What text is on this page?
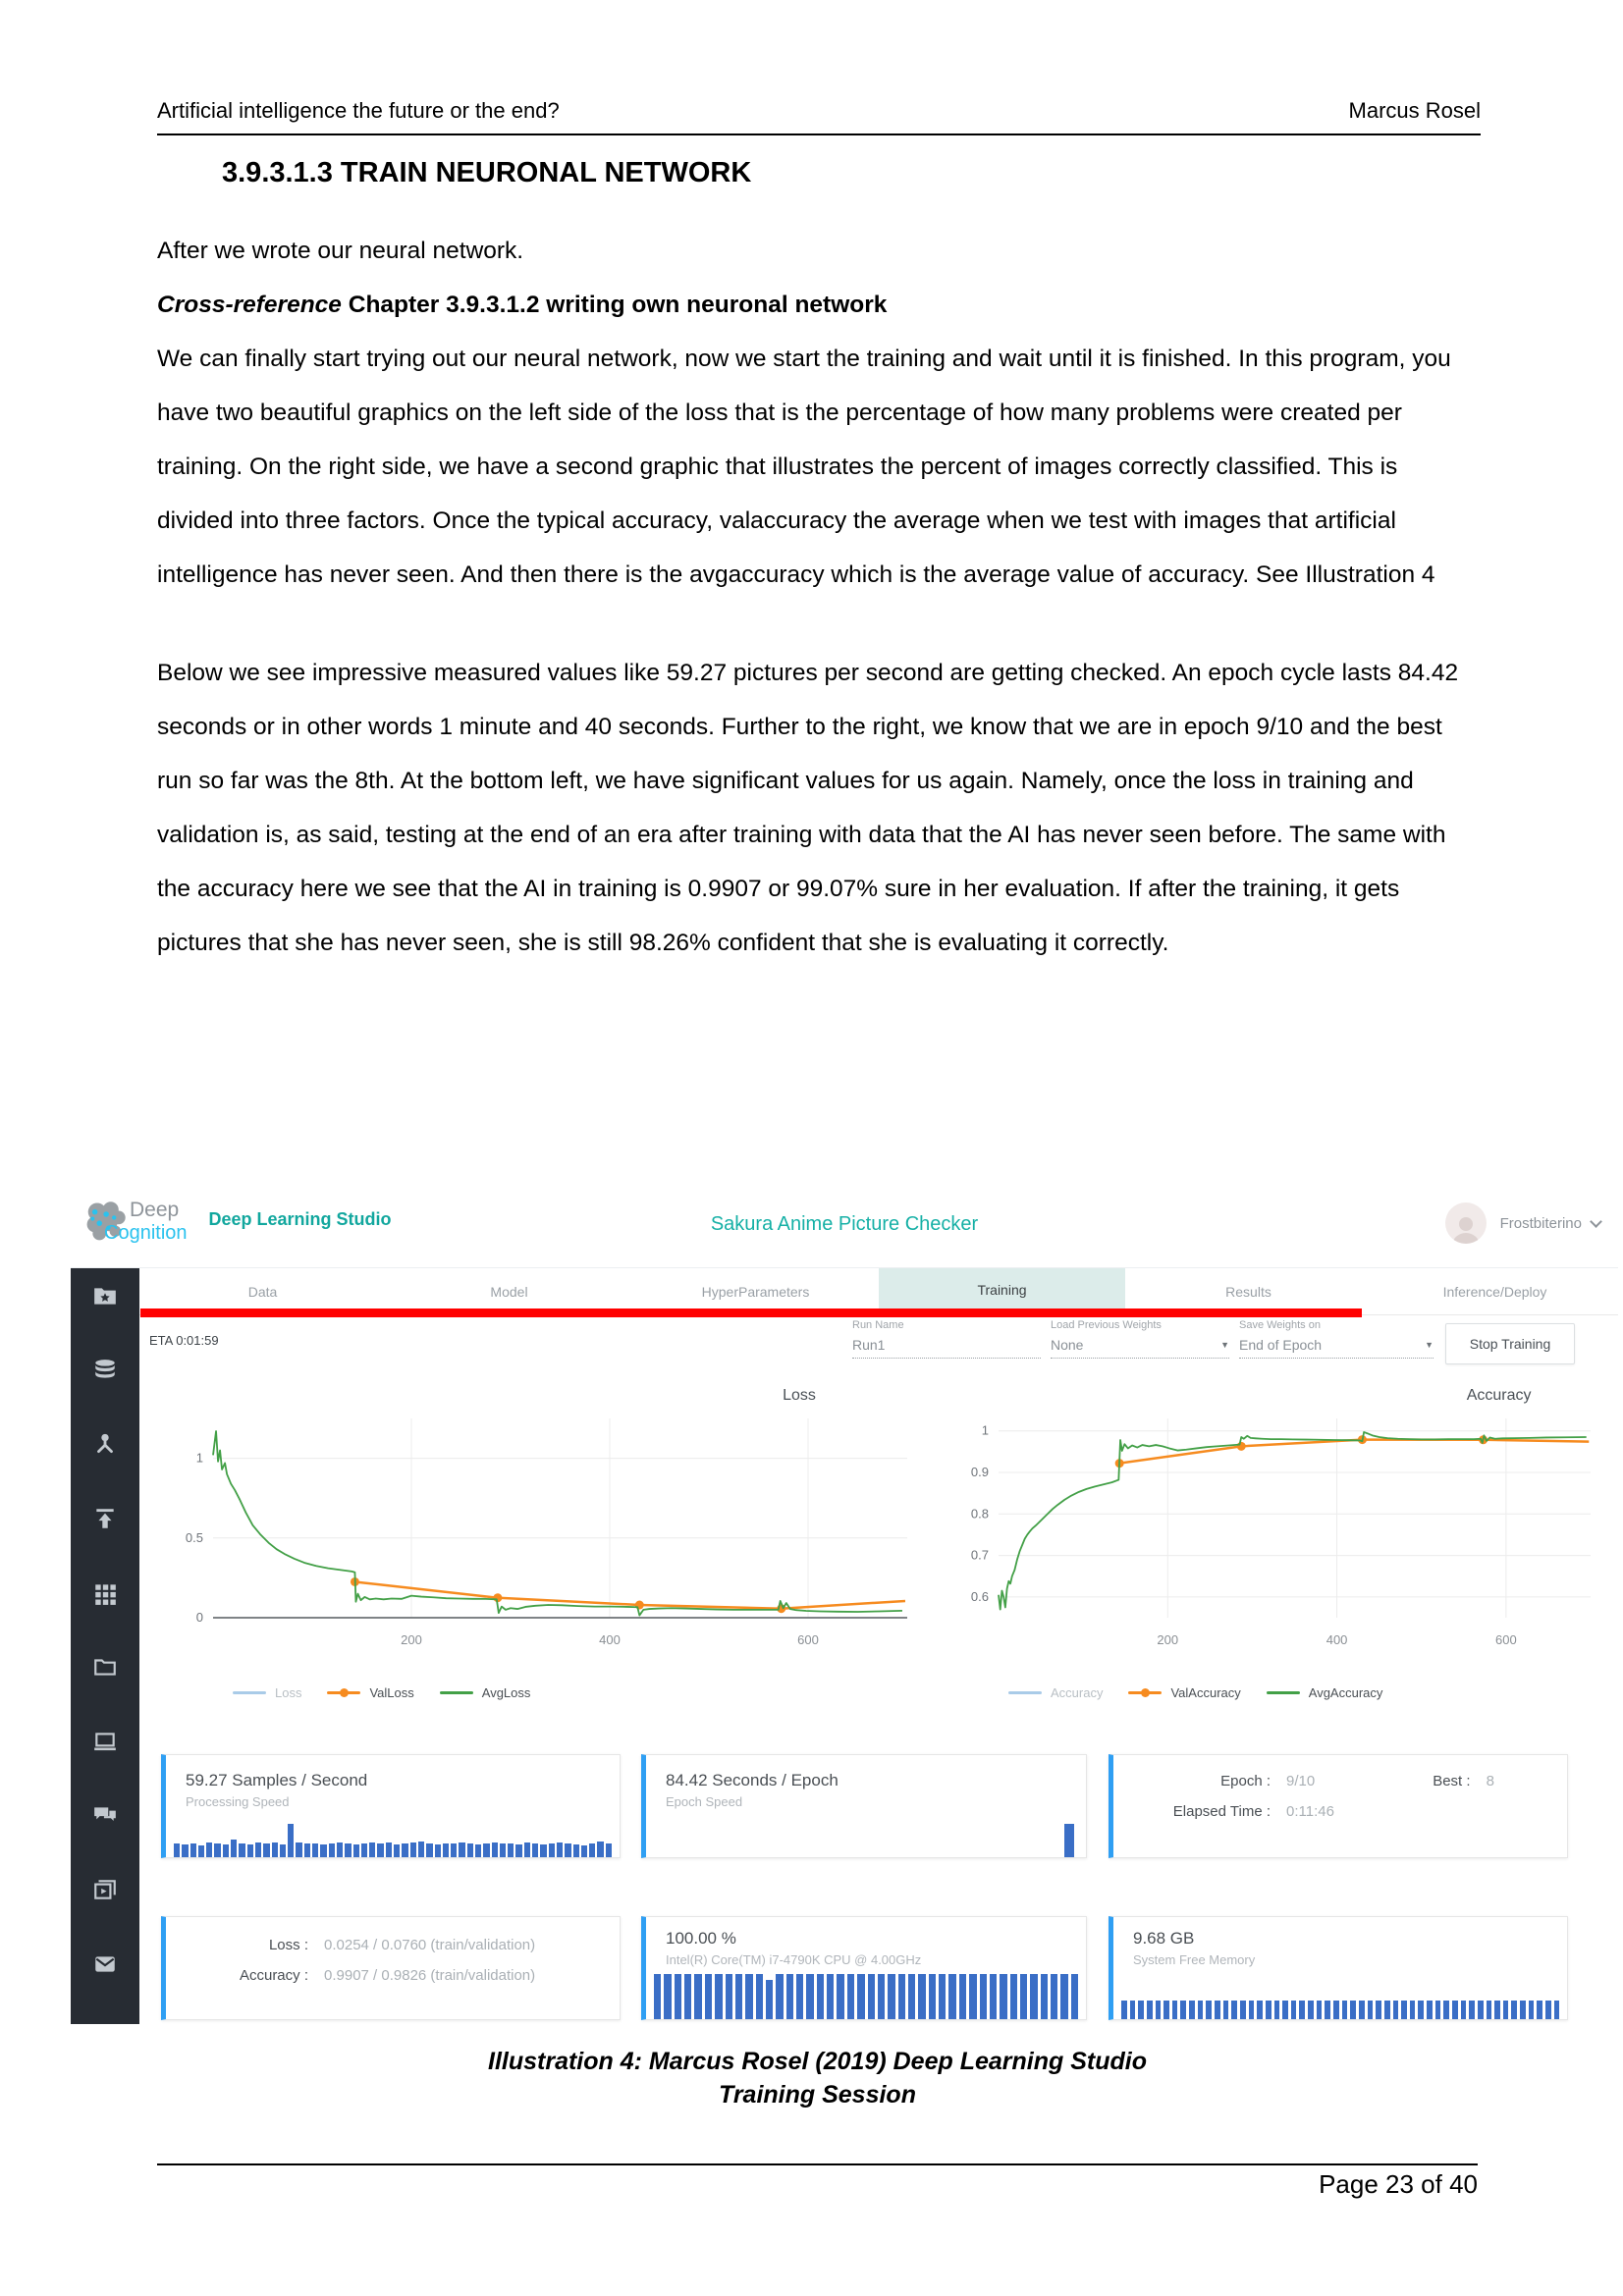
Artificial intelligence the future or the end?	Marcus Rosel
3.9.3.1.3 TRAIN NEURONAL NETWORK

After we wrote our neural network.

Cross-reference Chapter 3.9.3.1.2 writing own neuronal network

We can finally start trying out our neural network, now we start the training and wait until it is finished. In this program, you have two beautiful graphics on the left side of the loss that is the percentage of how many problems were created per training. On the right side, we have a second graphic that illustrates the percent of images correctly classified. This is divided into three factors. Once the typical accuracy, valaccuracy the average when we test with images that artificial intelligence has never seen. And then there is the avgaccuracy which is the average value of accuracy. See Illustration 4

Below we see impressive measured values like 59.27 pictures per second are getting checked. An epoch cycle lasts 84.42 seconds or in other words 1 minute and 40 seconds. Further to the right, we know that we are in epoch 9/10 and the best run so far was the 8th. At the bottom left, we have significant values for us again. Namely, once the loss in training and validation is, as said, testing at the end of an era after training with data that the AI has never seen before. The same with the accuracy here we see that the AI in training is 0.9907 or 99.07% sure in her evaluation. If after the training, it gets pictures that she has never seen, she is still 98.26% confident that she is evaluating it correctly.

Deep
Cognition
Deep Learning Studio	Sakura Anime Picture Checker	Frostbiterino
Data	Model	HyperParameters	Training	Results	Inference/Deploy
ETA 0:01:59
Run Name
Run1
Load Previous Weights
None	▼
Save Weights on
End of Epoch	▼	Stop Training
200	400	600
0
0.5
1
Loss
Loss	ValLoss	AvgLoss
200	400	600
0.6
0.7
0.8
0.9
1
Accuracy
Accuracy	ValAccuracy	AvgAccuracy
59.27 Samples / Second
Processing Speed
84.42 Seconds / Epoch
Epoch Speed
Epoch : 9/10	Best : 8
Elapsed Time : 0:11:46
Loss : 0.0254 / 0.0760 (train/validation)
Accuracy : 0.9907 / 0.9826 (train/validation)
100.00 %
Intel(R) Core(TM) i7-4790K CPU @ 4.00GHz
9.68 GB
System Free Memory
Illustration 4: Marcus Rosel (2019) Deep Learning Studio
Training Session
Page 23 of 40
